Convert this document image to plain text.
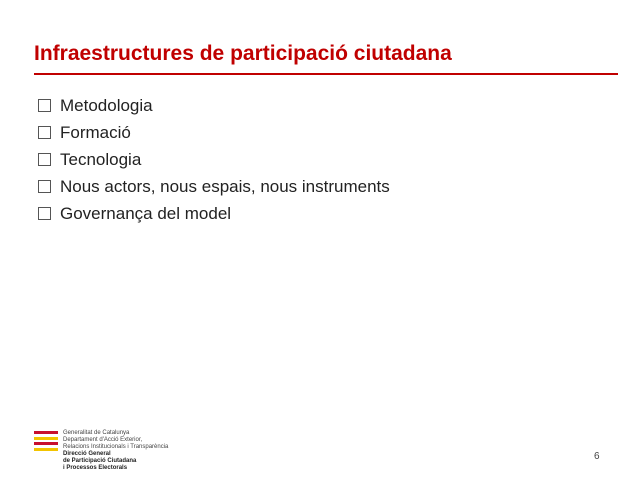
Infraestructures de participació ciutadana
Metodologia
Formació
Tecnologia
Nous actors, nous espais, nous instruments
Governança del model
Generalitat de Catalunya
Departament d'Acció Exterior,
Relacions Institucionals i Transparència
Direcció General
de Participació Ciutadana
i Processos Electorals
6
